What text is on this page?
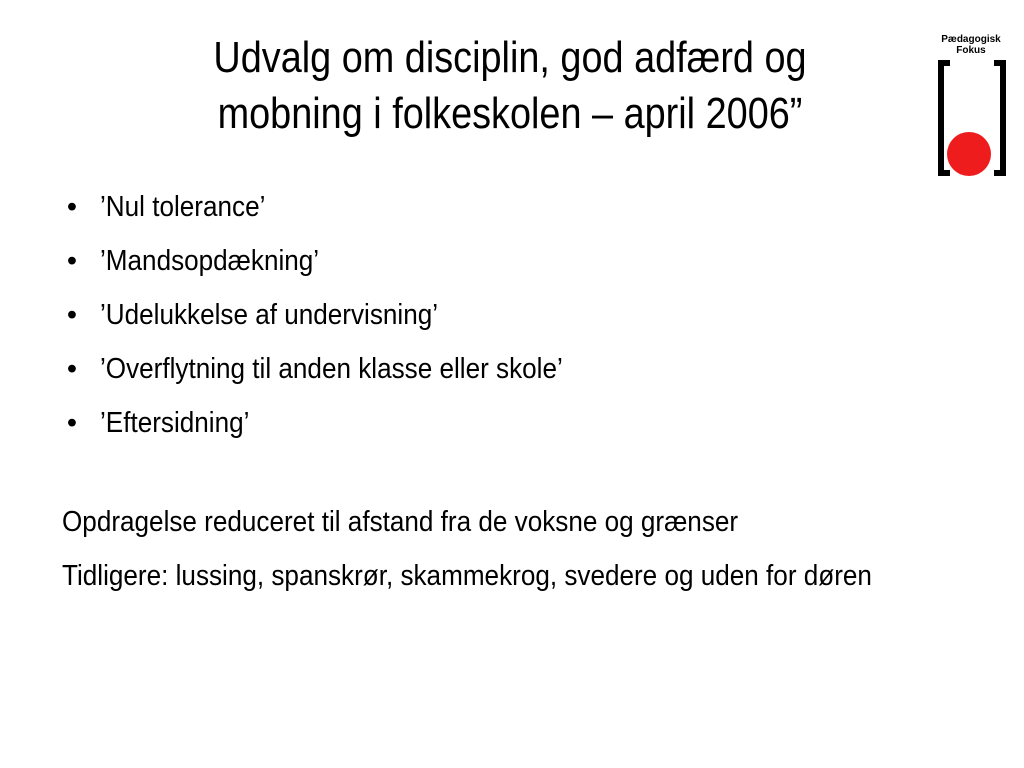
Udvalg om disciplin, god adfærd og
mobning i folkeskolen – april 2006”
Pædagogisk
Fokus
• ’Nul tolerance’
• ’Mandsopdækning’
• ’Udelukkelse af undervisning’
• ’Overflytning til anden klasse eller skole’
• ’Eftersidning’
Opdragelse reduceret til afstand fra de voksne og grænser
Tidligere: lussing, spanskrør, skammekrog, svedere og uden for døren
